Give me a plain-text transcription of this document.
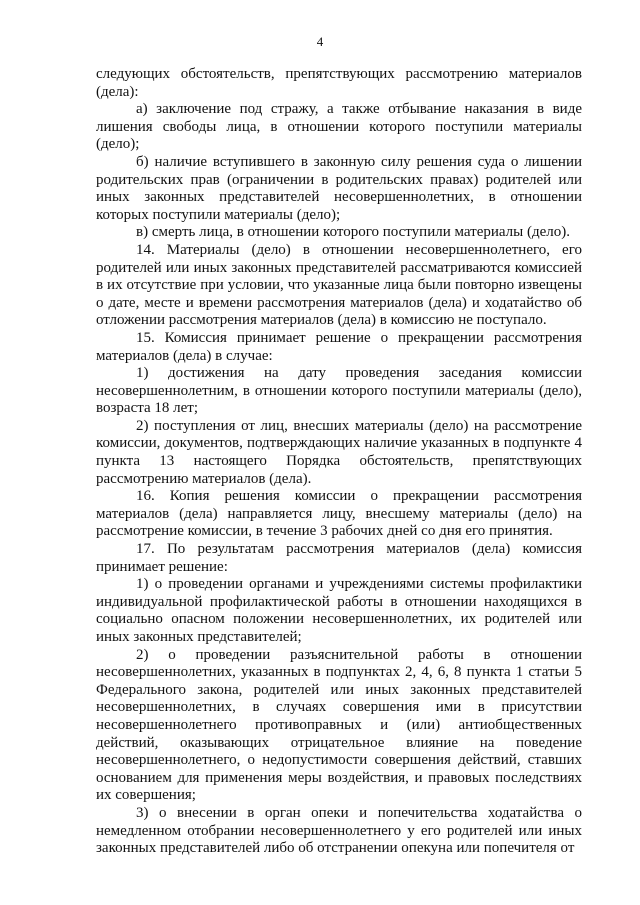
4

следующих обстоятельств, препятствующих рассмотрению материалов (дела):

а) заключение под стражу, а также отбывание наказания в виде лишения свободы лица, в отношении которого поступили материалы (дело);

б) наличие вступившего в законную силу решения суда о лишении родительских прав (ограничении в родительских правах) родителей или иных законных представителей несовершеннолетних, в отношении которых поступили материалы (дело);

в) смерть лица, в отношении которого поступили материалы (дело).

14. Материалы (дело) в отношении несовершеннолетнего, его родителей или иных законных представителей рассматриваются комиссией в их отсутствие при условии, что указанные лица были повторно извещены о дате, месте и времени рассмотрения материалов (дела) и ходатайство об отложении рассмотрения материалов (дела) в комиссию не поступало.

15. Комиссия принимает решение о прекращении рассмотрения материалов (дела) в случае:

1) достижения на дату проведения заседания комиссии несовершеннолетним, в отношении которого поступили материалы (дело), возраста 18 лет;

2) поступления от лиц, внесших материалы (дело) на рассмотрение комиссии, документов, подтверждающих наличие указанных в подпункте 4 пункта 13 настоящего Порядка обстоятельств, препятствующих рассмотрению материалов (дела).

16. Копия решения комиссии о прекращении рассмотрения материалов (дела) направляется лицу, внесшему материалы (дело) на рассмотрение комиссии, в течение 3 рабочих дней со дня его принятия.

17. По результатам рассмотрения материалов (дела) комиссия принимает решение:

1) о проведении органами и учреждениями системы профилактики индивидуальной профилактической работы в отношении находящихся в социально опасном положении несовершеннолетних, их родителей или иных законных представителей;

2) о проведении разъяснительной работы в отношении несовершеннолетних, указанных в подпунктах 2, 4, 6, 8 пункта 1 статьи 5 Федерального закона, родителей или иных законных представителей несовершеннолетних, в случаях совершения ими в присутствии несовершеннолетнего противоправных и (или) антиобщественных действий, оказывающих отрицательное влияние на поведение несовершеннолетнего, о недопустимости совершения действий, ставших основанием для применения меры воздействия, и правовых последствиях их совершения;

3) о внесении в орган опеки и попечительства ходатайства о немедленном отобрании несовершеннолетнего у его родителей или иных законных представителей либо об отстранении опекуна или попечителя от
